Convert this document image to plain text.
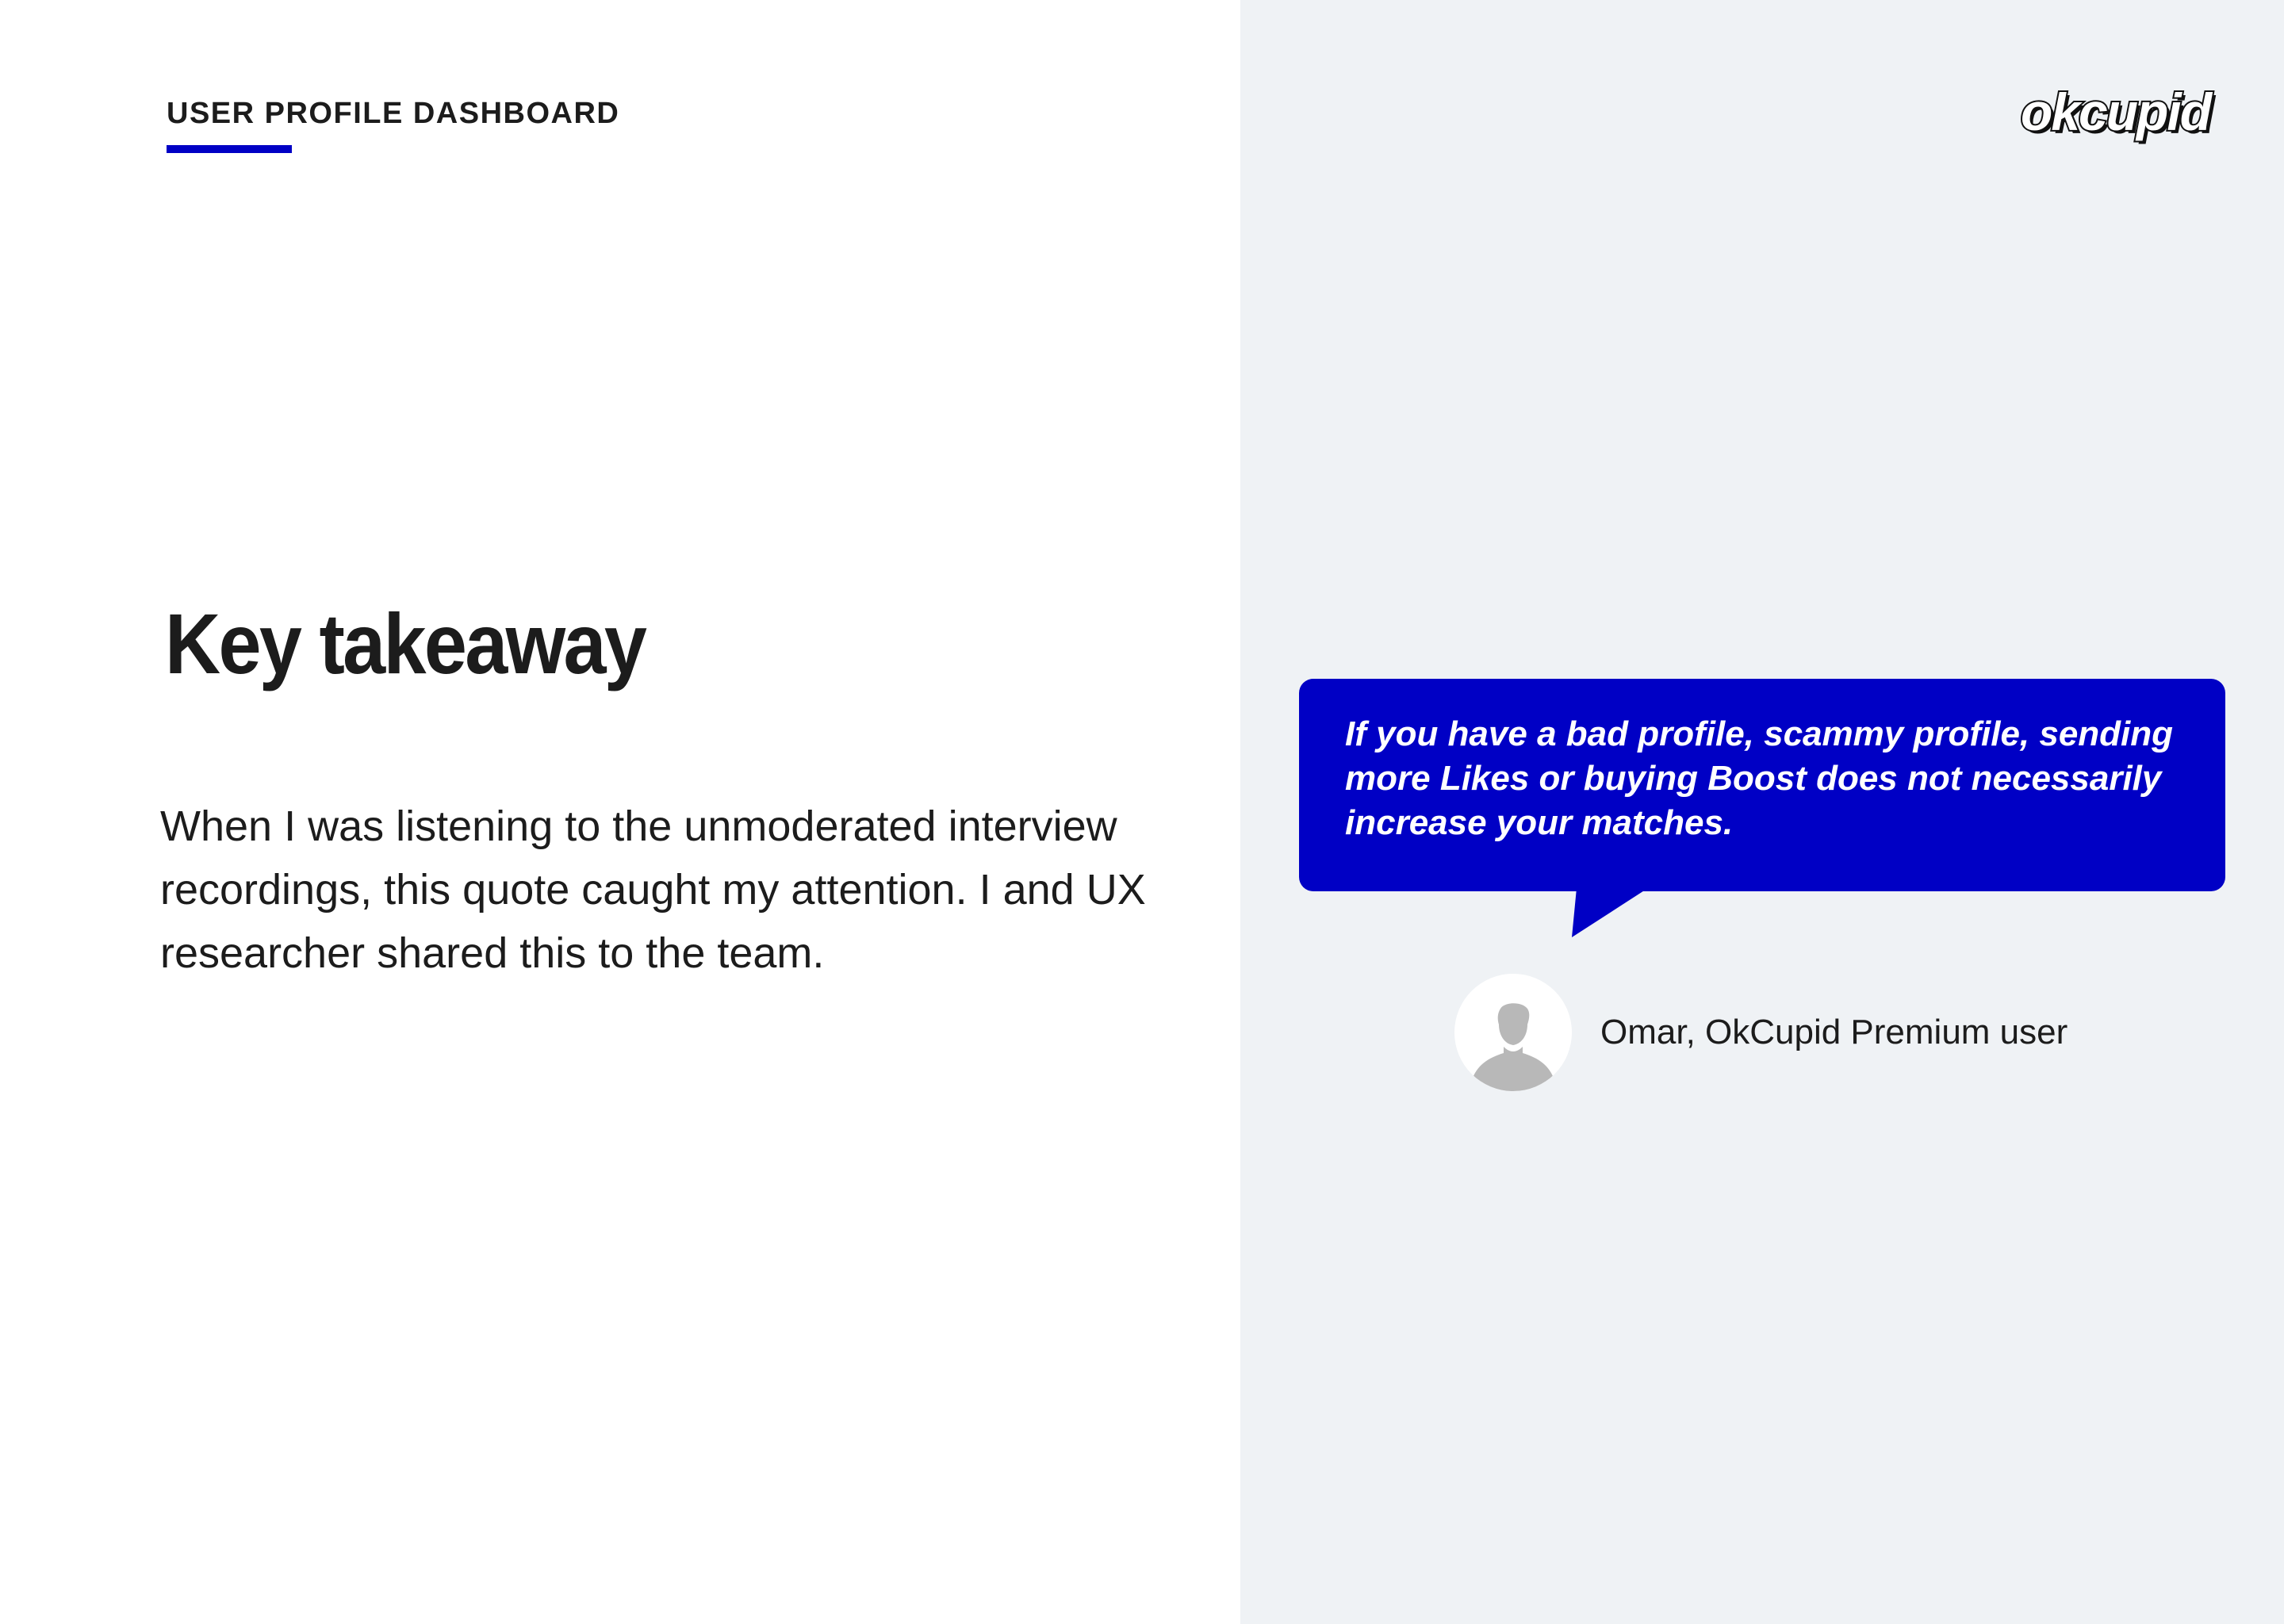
USER PROFILE DASHBOARD
Key takeaway
When I was listening to the unmoderated interview recordings, this quote caught my attention. I and UX researcher shared this to the team.
okcupid
If you have a bad profile, scammy profile, sending more Likes or buying Boost does not necessarily increase your matches.
Omar, OkCupid Premium user
